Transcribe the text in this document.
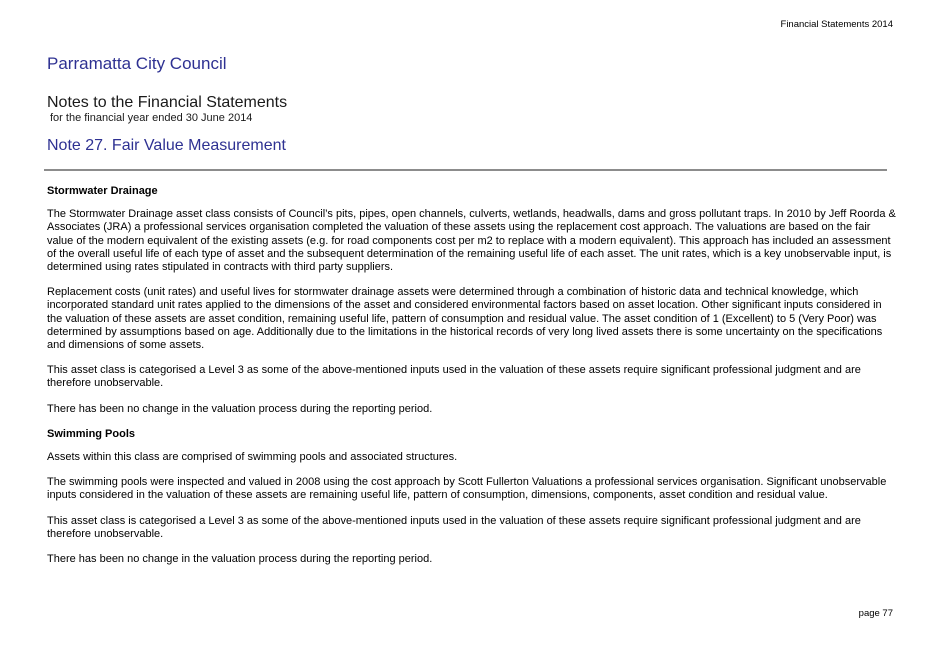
Financial Statements 2014
Parramatta City Council
Notes to the Financial Statements
for the financial year ended 30 June 2014
Note 27. Fair Value Measurement
Stormwater Drainage

The Stormwater Drainage asset class consists of Council’s pits, pipes, open channels, culverts, wetlands, headwalls, dams and gross pollutant traps. In 2010 by Jeff Roorda & Associates (JRA) a professional services organisation completed the valuation of these assets using the replacement cost approach. The valuations are based on the fair value of the modern equivalent of the existing assets (e.g. for road components cost per m2 to replace with a modern equivalent). This approach has included an assessment of the overall useful life of each type of asset and the subsequent determination of the remaining useful life of each asset. The unit rates, which is a key unobservable input, is determined using rates stipulated in contracts with third party suppliers.

Replacement costs (unit rates) and useful lives for stormwater drainage assets were determined through a combination of historic data and technical knowledge, which incorporated standard unit rates applied to the dimensions of the asset and considered environmental factors based on asset location. Other significant inputs considered in the valuation of these assets are asset condition, remaining useful life, pattern of consumption and residual value. The asset condition of 1 (Excellent) to 5 (Very Poor) was determined by assumptions based on age. Additionally due to the limitations in the historical records of very long lived assets there is some uncertainty on the specifications and dimensions of some assets.

This asset class is categorised a Level 3 as some of the above-mentioned inputs used in the valuation of these assets require significant professional judgment and are therefore unobservable.

There has been no change in the valuation process during the reporting period.

Swimming Pools

Assets within this class are comprised of swimming pools and associated structures.

The swimming pools were inspected and valued in 2008 using the cost approach by Scott Fullerton Valuations a professional services organisation. Significant unobservable inputs considered in the valuation of these assets are remaining useful life, pattern of consumption, dimensions, components, asset condition and residual value.

This asset class is categorised a Level 3 as some of the above-mentioned inputs used in the valuation of these assets require significant professional judgment and are therefore unobservable.

There has been no change in the valuation process during the reporting period.

page 77
